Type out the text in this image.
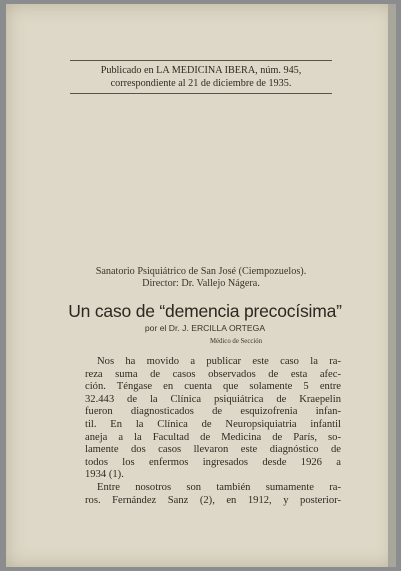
Publicado en LA MEDICINA IBERA, núm. 945,
correspondiente al 21 de diciembre de 1935.
Sanatorio Psiquiátrico de San José (Ciempozuelos).
Director: Dr. Vallejo Nágera.
Un caso de “demencia precocísima”
por el Dr. J. ERCILLA ORTEGA
Médico de Sección
Nos ha movido a publicar este caso la ra-
reza suma de casos observados de esta afec-
ción. Téngase en cuenta que solamente 5 entre
32.443 de la Clínica psiquiátrica de Kraepelin
fueron diagnosticados de esquizofrenia infan-
til. En la Clínica de Neuropsiquiatria infantil
aneja a la Facultad de Medicina de París, so-
lamente dos casos llevaron este diagnóstico de
todos los enfermos ingresados desde 1926 a
1934 (1).
Entre nosotros son también sumamente ra-
ros. Fernández Sanz (2), en 1912, y posterior-
